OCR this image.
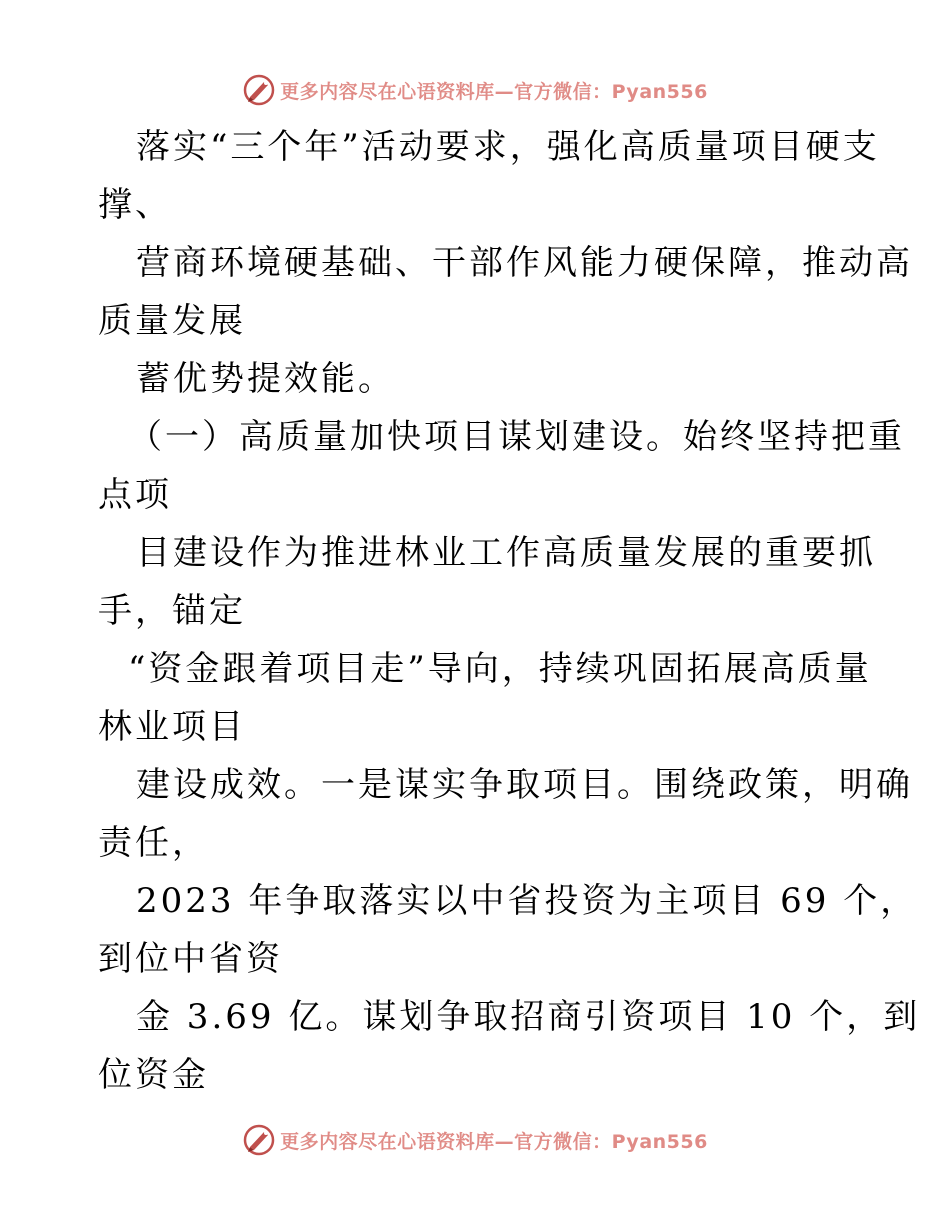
更多内容尽在心语资料库—官方微信：Pyan556
落实“三个年”活动要求，强化高质量项目硬支
撑、
营商环境硬基础、干部作风能力硬保障，推动高
质量发展
蓄优势提效能。
（一）高质量加快项目谋划建设。始终坚持把重
点项
目建设作为推进林业工作高质量发展的重要抓
手，锚定
“资金跟着项目走”导向，持续巩固拓展高质量
林业项目
建设成效。一是谋实争取项目。围绕政策，明确
责任，
2023 年争取落实以中省投资为主项目 69 个，
到位中省资
金 3.69 亿。谋划争取招商引资项目 10 个，到
位资金
更多内容尽在心语资料库—官方微信：Pyan556
